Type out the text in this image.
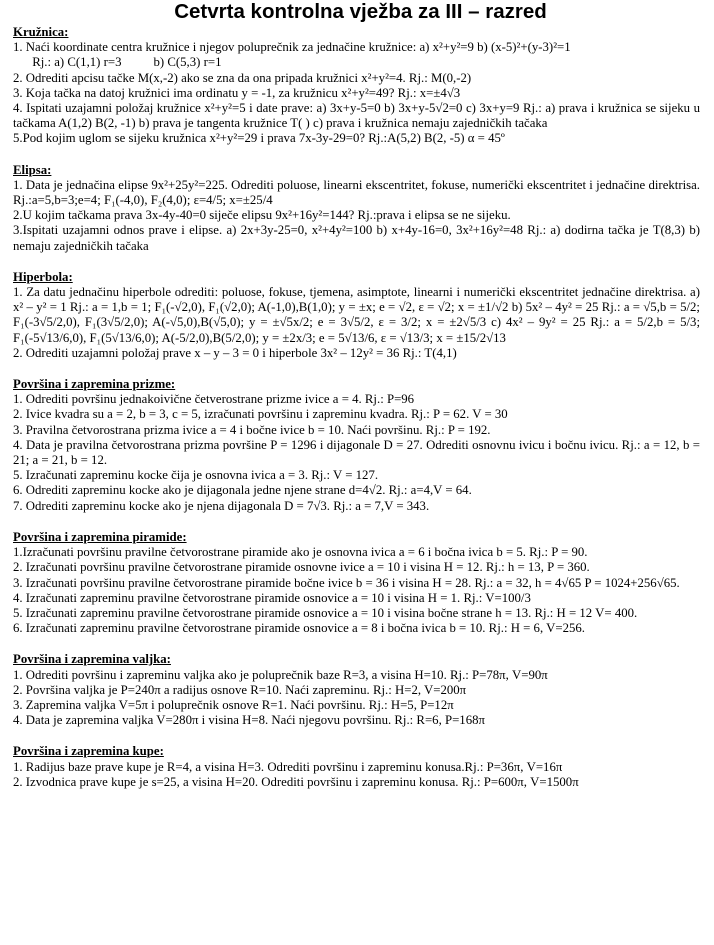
Cetvrta kontrolna vježba za III – razred
Kružnica:
1. Naći koordinate centra kružnice i njegov poluprečnik za jednačine kružnice: a) x²+y²=9 b) (x-5)²+(y-3)²=1
Rj.: a) C(1,1) r=3          b) C(5,3) r=1
2. Odrediti apcisu tačke M(x,-2) ako se zna da ona pripada kružnici x²+y²=4. Rj.: M(0,-2)
3. Koja tačka na datoj kružnici ima ordinatu y = -1, za kružnicu x²+y²=49? Rj.: x=±4√3
4. Ispitati uzajamni položaj kružnice x²+y²=5 i date prave: a) 3x+y-5=0 b) 3x+y-5√2=0 c) 3x+y=9 Rj.: a) prava i kružnica se sijeku u tačkama A(1,2) B(2, -1) b) prava je tangenta kružnice T( ) c) prava i kružnica nemaju zajedničkih tačaka
5.Pod kojim uglom se sijeku kružnica x²+y²=29 i prava 7x-3y-29=0? Rj.:A(5,2) B(2, -5) α = 45º
Elipsa:
1. Data je jednačina elipse 9x²+25y²=225. Odrediti poluose, linearni ekscentritet, fokuse, numerički ekscentritet i jednačine direktrisa. Rj.:a=5,b=3;e=4; F₁(-4,0), F₂(4,0); ε=4/5; x=±25/4
2.U kojim tačkama prava 3x-4y-40=0 siječe elipsu 9x²+16y²=144? Rj.:prava i elipsa se ne sijeku.
3.Ispitati uzajamni odnos prave i elipse. a) 2x+3y-25=0, x²+4y²=100 b) x+4y-16=0, 3x²+16y²=48 Rj.: a) dodirna tačka je T(8,3) b) nemaju zajedničkih tačaka
Hiperbola:
1. Za datu jednačinu hiperbole odrediti: poluose, fokuse, tjemena, asimptote, linearni i numerički ekscentritet jednačine direktrisa. a) x² – y² = 1 Rj.: a = 1,b = 1; F₁(-√2,0), F₁(√2,0); A(-1,0),B(1,0); y = ±x; e = √2, ε = √2; x = ±1/√2 b) 5x² – 4y² = 25 Rj.: a = √5,b = 5/2; F₁(-3√5/2,0), F₁(3√5/2,0); A(-√5,0),B(√5,0); y = ±√5x/2; e = 3√5/2, ε = 3/2; x = ±2√5/3 c) 4x² – 9y² = 25 Rj.: a = 5/2,b = 5/3; F₁(-5√13/6,0), F₁(5√13/6,0); A(-5/2,0),B(5/2,0); y = ±2x/3; e = 5√13/6, ε = √13/3; x = ±15/2√13
2. Odrediti uzajamni položaj prave x – y – 3 = 0 i hiperbole 3x² – 12y² = 36 Rj.: T(4,1)
Površina i zapremina prizme:
1. Odrediti površinu jednakoivične četverostrane prizme ivice a = 4. Rj.: P=96
2. Ivice kvadra su a = 2, b = 3, c = 5, izračunati površinu i zapreminu kvadra. Rj.: P = 62. V = 30
3. Pravilna četvorostrana prizma ivice a = 4 i bočne ivice b = 10. Naći površinu. Rj.: P = 192.
4. Data je pravilna četvorostrana prizma površine P = 1296 i dijagonale D = 27. Odrediti osnovnu ivicu i bočnu ivicu. Rj.: a = 12, b = 21; a = 21, b = 12.
5. Izračunati zapreminu kocke čija je osnovna ivica a = 3. Rj.: V = 127.
6. Odrediti zapreminu kocke ako je dijagonala jedne njene strane d=4√2. Rj.: a=4,V = 64.
7. Odrediti zapreminu kocke ako je njena dijagonala D = 7√3. Rj.: a = 7,V = 343.
Površina i zapremina piramide:
1.Izračunati površinu pravilne četvorostrane piramide ako je osnovna ivica a = 6 i bočna ivica b = 5. Rj.: P = 90.
2. Izračunati površinu pravilne četvorostrane piramide osnovne ivice a = 10 i visina H = 12. Rj.: h = 13, P = 360.
3. Izračunati površinu pravilne četvorostrane piramide bočne ivice b = 36 i visina H = 28. Rj.: a = 32, h = 4√65 P = 1024+256√65.
4. Izračunati zapreminu pravilne četvorostrane piramide osnovice a = 10 i visina H = 1. Rj.: V=100/3
5. Izračunati zapreminu pravilne četvorostrane piramide osnovice a = 10 i visina bočne strane h = 13. Rj.: H = 12 V= 400.
6. Izračunati zapreminu pravilne četvorostrane piramide osnovice a = 8 i bočna ivica b = 10. Rj.: H = 6, V=256.
Površina i zapremina valjka:
1. Odrediti površinu i zapreminu valjka ako je poluprečnik baze R=3, a visina H=10. Rj.: P=78π, V=90π
2. Površina valjka je P=240π a radijus osnove R=10. Naći zapreminu. Rj.: H=2, V=200π
3. Zapremina valjka V=5π i poluprečnik osnove R=1. Naći površinu. Rj.: H=5, P=12π
4. Data je zapremina valjka V=280π i visina H=8. Naći njegovu površinu. Rj.: R=6, P=168π
Površina i zapremina kupe:
1. Radijus baze prave kupe je R=4, a visina H=3. Odrediti površinu i zapreminu konusa.Rj.: P=36π, V=16π
2. Izvodnica prave kupe je s=25, a visina H=20. Odrediti površinu i zapreminu konusa. Rj.: P=600π, V=1500π
